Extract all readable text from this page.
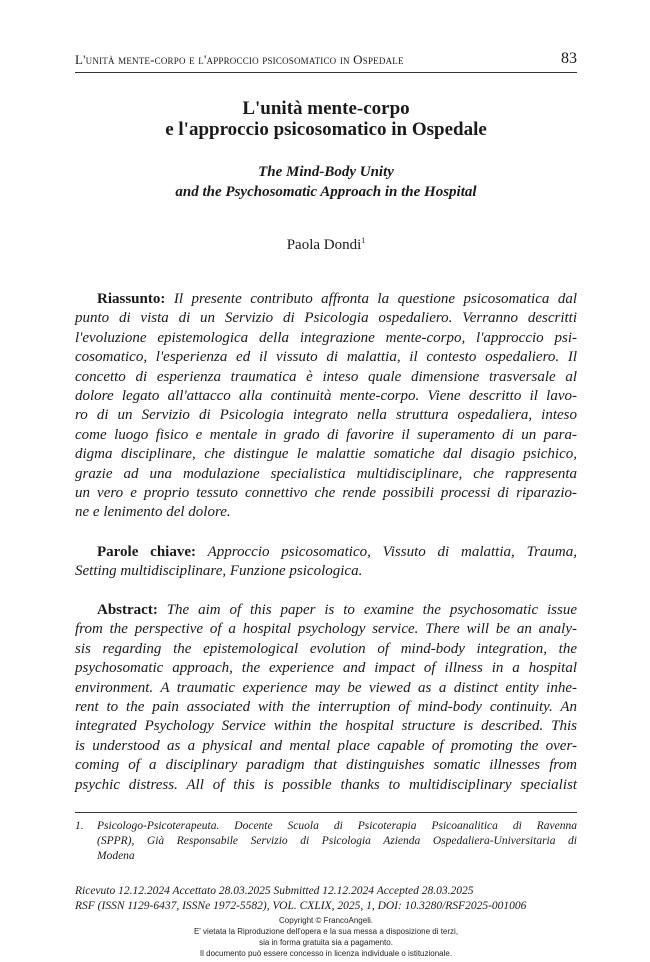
L'unità mente-corpo e l'approccio psicosomatico in Ospedale	83
L'unità mente-corpo
e l'approccio psicosomatico in Ospedale
The Mind-Body Unity
and the Psychosomatic Approach in the Hospital
Paola Dondi$^1$
Riassunto: Il presente contributo affronta la questione psicosomatica dal
punto di vista di un Servizio di Psicologia ospedaliero. Verranno descritti
l'evoluzione epistemologica della integrazione mente-corpo, l'approccio psi-
cosomatico, l'esperienza ed il vissuto di malattia, il contesto ospedaliero. Il
concetto di esperienza traumatica è inteso quale dimensione trasversale al
dolore legato all'attacco alla continuità mente-corpo. Viene descritto il lavo-
ro di un Servizio di Psicologia integrato nella struttura ospedaliera, inteso
come luogo fisico e mentale in grado di favorire il superamento di un para-
digma disciplinare, che distingue le malattie somatiche dal disagio psichico,
grazie ad una modulazione specialistica multidisciplinare, che rappresenta
un vero e proprio tessuto connettivo che rende possibili processi di riparazio-
ne e lenimento del dolore.
Parole chiave: Approccio psicosomatico, Vissuto di malattia, Trauma,
Setting multidisciplinare, Funzione psicologica.
Abstract: The aim of this paper is to examine the psychosomatic issue
from the perspective of a hospital psychology service. There will be an analy-
sis regarding the epistemological evolution of mind-body integration, the
psychosomatic approach, the experience and impact of illness in a hospital
environment. A traumatic experience may be viewed as a distinct entity inhe-
rent to the pain associated with the interruption of mind-body continuity. An
integrated Psychology Service within the hospital structure is described. This
is understood as a physical and mental place capable of promoting the over-
coming of a disciplinary paradigm that distinguishes somatic illnesses from
psychic distress. All of this is possible thanks to multidisciplinary specialist
1. Psicologo-Psicoterapeuta. Docente Scuola di Psicoterapia Psicoanalitica di Ravenna
(SPPR), Già Responsabile Servizio di Psicologia Azienda Ospedaliera-Universitaria di
Modena
Ricevuto 12.12.2024 Accettato 28.03.2025 Submitted 12.12.2024 Accepted 28.03.2025
RSF (ISSN 1129-6437, ISSNe 1972-5582), VOL. CXLIX, 2025, 1, DOI: 10.3280/RSF2025-001006
Copyright © FrancoAngeli.
E' vietata la Riproduzione dell'opera e la sua messa a disposizione di terzi,
sia in forma gratuita sia a pagamento.
Il documento può essere concesso in licenza individuale o istituzionale.
